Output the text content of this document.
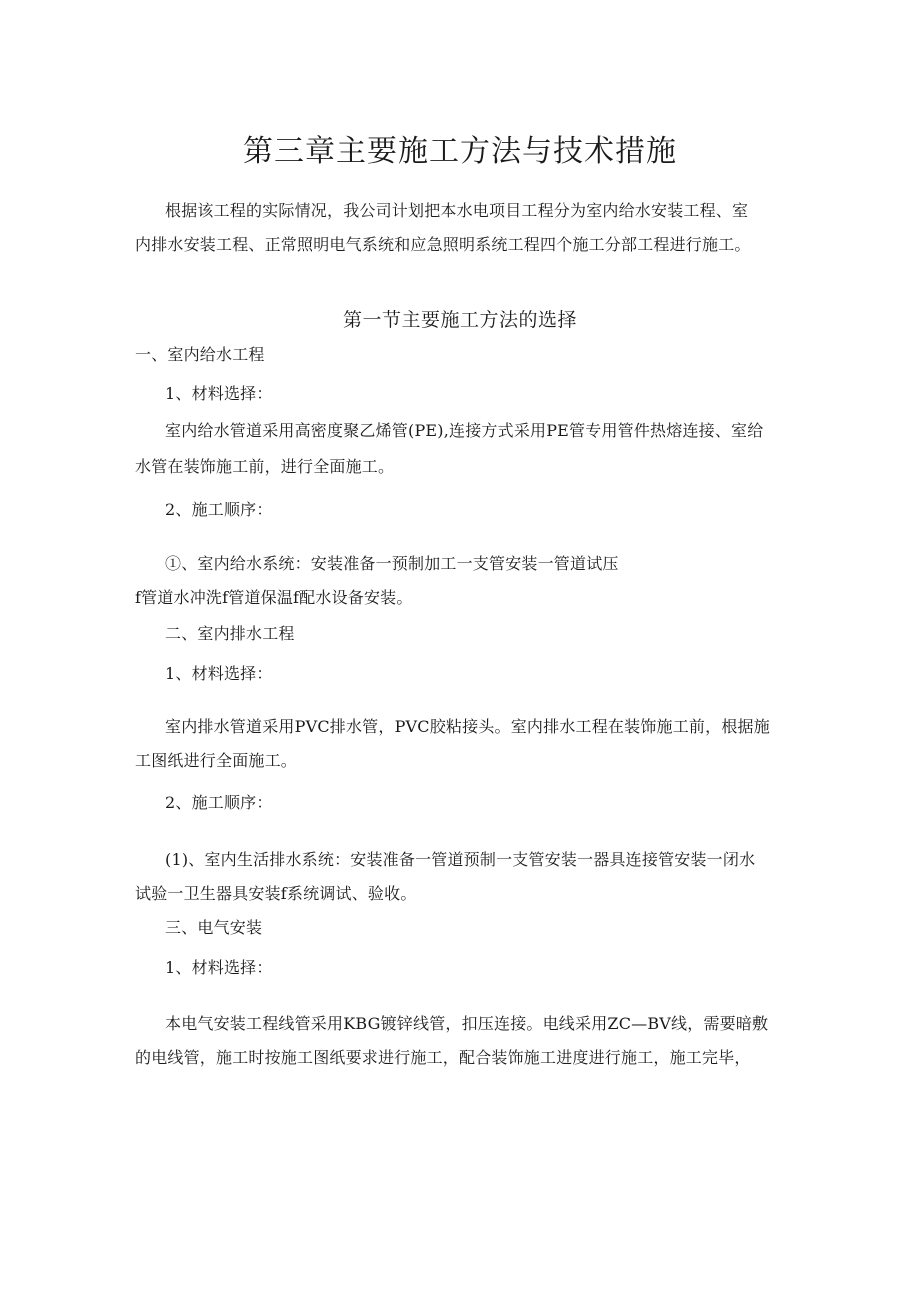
第三章主要施工方法与技术措施
根据该工程的实际情况，我公司计划把本水电项目工程分为室内给水安装工程、室
内排水安装工程、正常照明电气系统和应急照明系统工程四个施工分部工程进行施工。
第一节主要施工方法的选择
一、室内给水工程
1、材料选择：
室内给水管道采用高密度聚乙烯管(PE),连接方式采用PE管专用管件热熔连接、室给
水管在装饰施工前，进行全面施工。
2、施工顺序：
①、室内给水系统：安装准备一预制加工一支管安装一管道试压
f管道水冲洗f管道保温f配水设备安装。
二、室内排水工程
1、材料选择：
室内排水管道采用PVC排水管，PVC胶粘接头。室内排水工程在装饰施工前，根据施
工图纸进行全面施工。
2、施工顺序：
(1)、室内生活排水系统：安装准备一管道预制一支管安装一器具连接管安装一闭水
试验一卫生器具安装f系统调试、验收。
三、电气安装
1、材料选择：
本电气安装工程线管采用KBG镀锌线管，扣压连接。电线采用ZC—BV线，需要暗敷
的电线管，施工时按施工图纸要求进行施工，配合装饰施工进度进行施工，施工完毕，
